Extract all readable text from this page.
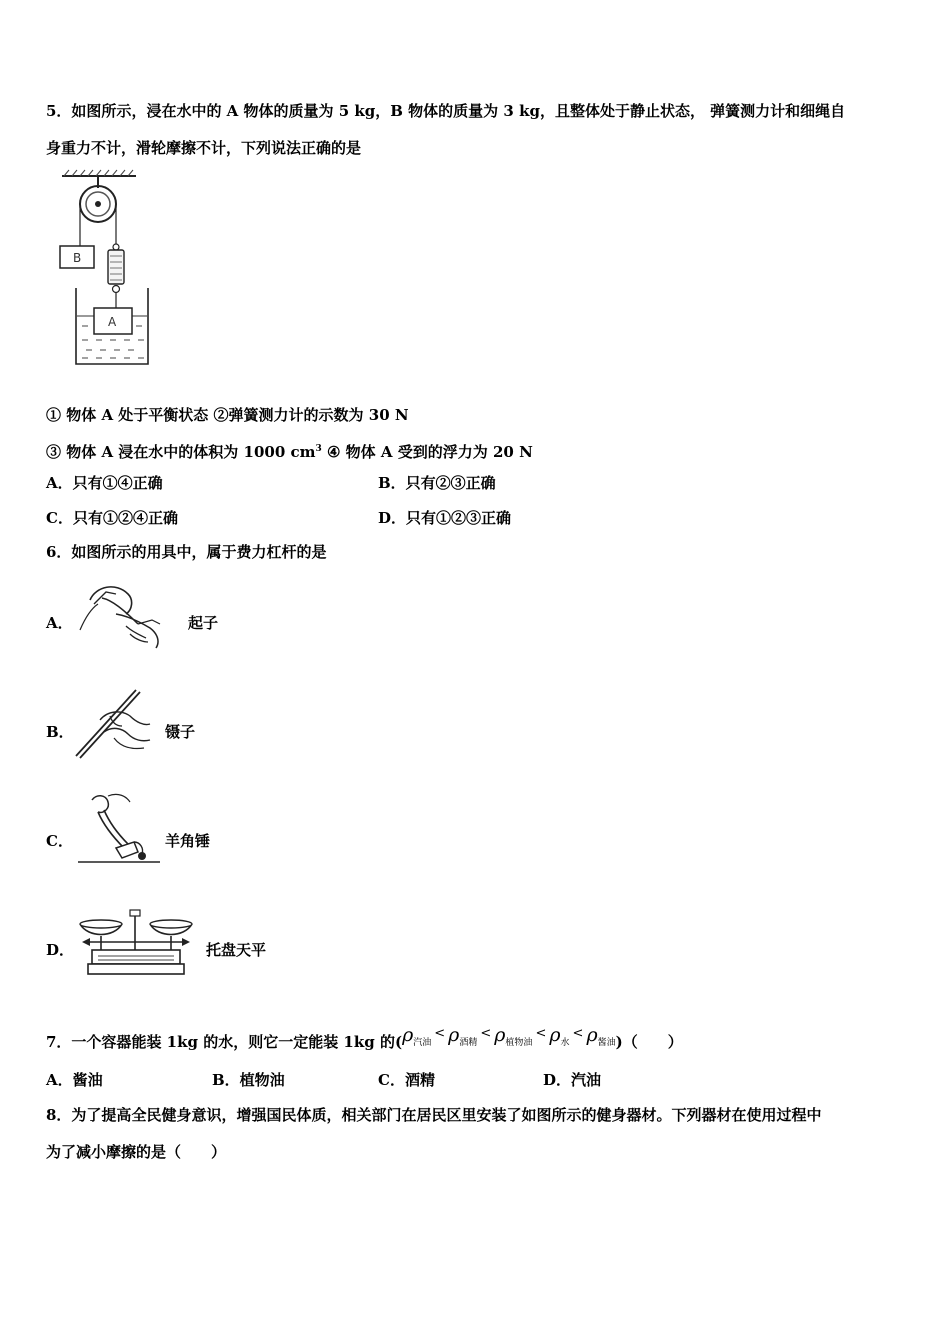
5．如图所示，浸在水中的 A 物体的质量为 5 kg，B 物体的质量为 3 kg，且整体处于静止状态， 弹簧测力计和细绳自
身重力不计，滑轮摩擦不计，下列说法正确的是
B
A
① 物体 A 处于平衡状态 ②弹簧测力计的示数为 30 N
③ 物体 A 浸在水中的体积为 1000 $cm^3$ ④ 物体 A 受到的浮力为 20 N
A．只有①④正确	B．只有②③正确
C．只有①②④正确	D．只有①②③正确
6．如图所示的用具中，属于费力杠杆的是
A．	起子
B．	镊子
C．	羊角锤
D．	托盘天平
7．一个容器能装 1kg 的水，则它一定能装 1kg 的$(\rho_{汽油}< \rho_{酒精}< \rho_{植物油}< \rho_水< \rho_{酱油})$（　　）
A．酱油	B．植物油	C．酒精	D．汽油
8．为了提高全民健身意识，增强国民体质，相关部门在居民区里安装了如图所示的健身器材。下列器材在使用过程中
为了减小摩擦的是（　　）
